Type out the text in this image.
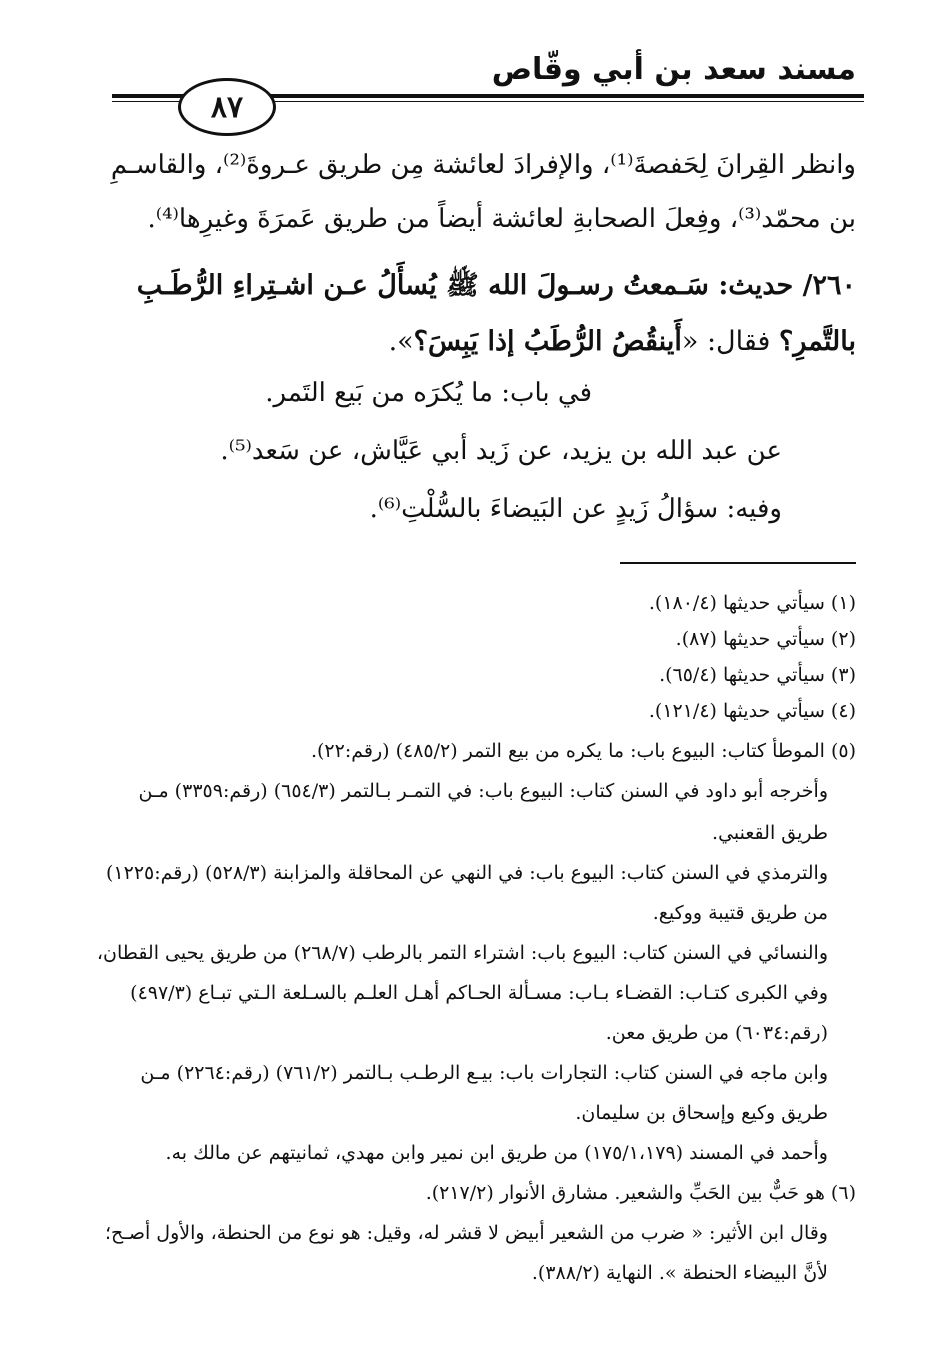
مسند سعد بن أبي وقّاص
٨٧
وانظر القِرانَ لِحَفصةَ⁽¹⁾، والإفرادَ لعائشة مِن طريق عـروةَ⁽²⁾، والقاسـمِ
بن محمّد⁽³⁾، وفِعلَ الصحابةِ لعائشة أيضاً من طريق عَمرَةَ وغيرِها⁽⁴⁾.
٢٦٠/ حديث: سَـمعتُ رسـولَ الله ﷺ يُسأَلُ عـن اشـتِراءِ الرُّطَـبِ
بالتَّمرِ؟ فقال: «أَينقُصُ الرُّطَبُ إذا يَبِسَ؟».
في باب: ما يُكرَه من بَيع التَمر.
عن عبد الله بن يزيد، عن زَيد أبي عَيَّاش، عن سَعد⁽⁵⁾.
وفيه: سؤالُ زَيدٍ عن البَيضاءَ بالسُّلْتِ⁽⁶⁾.
(١) سيأتي حديثها (١٨٠/٤).
(٢) سيأتي حديثها (٨٧).
(٣) سيأتي حديثها (٦٥/٤).
(٤) سيأتي حديثها (١٢١/٤).
(٥) الموطأ كتاب: البيوع باب: ما يكره من بيع التمر (٤٨٥/٢) (رقم:٢٢).
وأخرجه أبو داود في السنن كتاب: البيوع باب: في التمـر بـالتمر (٦٥٤/٣) (رقم:٣٣٥٩) مـن
طريق القعنبي.
والترمذي في السنن كتاب: البيوع باب: في النهي عن المحاقلة والمزابنة (٥٢٨/٣) (رقم:١٢٢٥)
من طريق قتيبة ووكيع.
والنسائي في السنن كتاب: البيوع باب: اشتراء التمر بالرطب (٢٦٨/٧) من طريق يحيى القطان،
وفي الكبرى كتـاب: القضـاء بـاب: مسـألة الحـاكم أهـل العلـم بالسـلعة الـتي تبـاع (٤٩٧/٣)
(رقم:٦٠٣٤) من طريق معن.
وابن ماجه في السنن كتاب: التجارات باب: بيـع الرطـب بـالتمر (٧٦١/٢) (رقم:٢٢٦٤) مـن
طريق وكيع وإسحاق بن سليمان.
وأحمد في المسند (١٧٥/١،١٧٩) من طريق ابن نمير وابن مهدي، ثمانيتهم عن مالك به.
(٦) هو حَبٌّ بين الحَبِّ والشعير. مشارق الأنوار (٢١٧/٢).
وقال ابن الأثير: « ضرب من الشعير أبيض لا قشر له، وقيل: هو نوع من الحنطة، والأول أصـح؛
لأنَّ البيضاء الحنطة ». النهاية (٣٨٨/٢).
